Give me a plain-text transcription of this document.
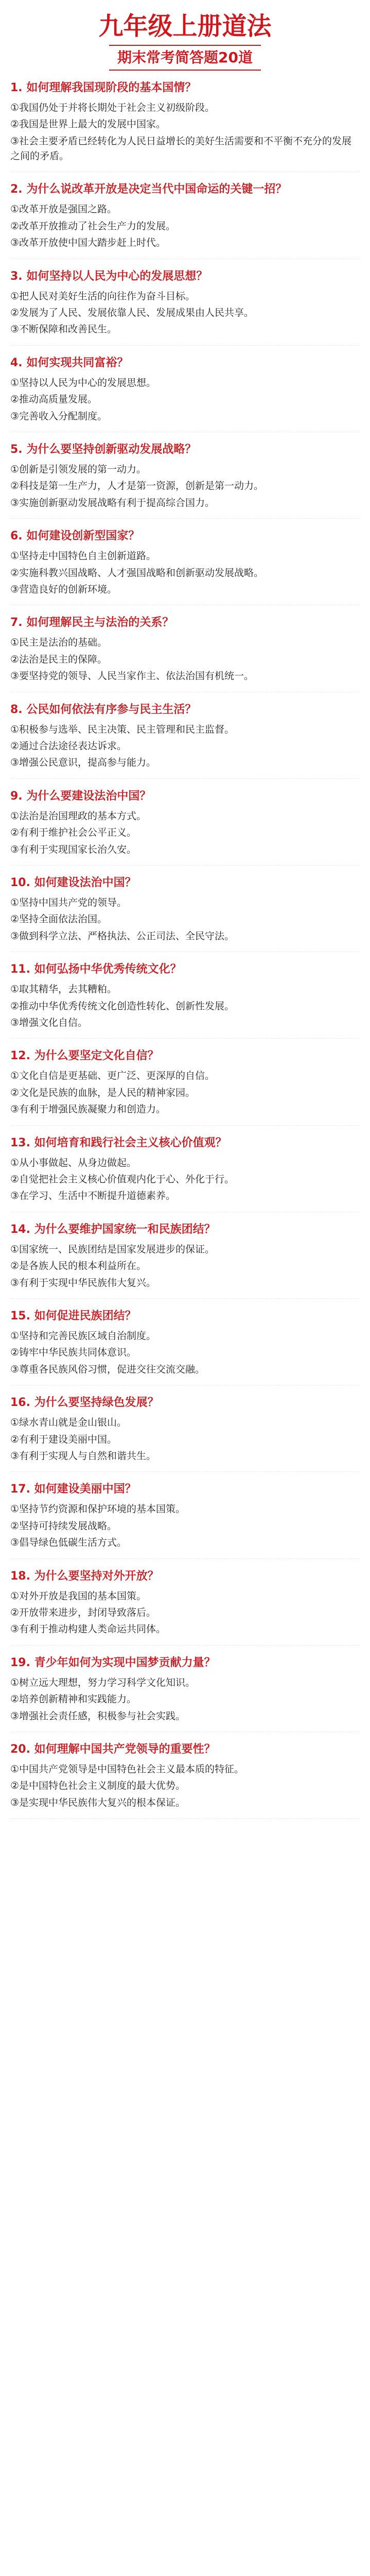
九年级上册道法
期末常考简答题20道
1. 如何理解我国现阶段的基本国情？
①我国仍处于并将长期处于社会主义初级阶段。
②我国是世界上最大的发展中国家。
③社会主要矛盾已经转化为人民日益增长的美好生活需要和不平衡不充分的发展之间的矛盾。
2. 为什么说改革开放是决定当代中国命运的关键一招？
①改革开放是强国之路。
②改革开放推动了社会生产力的发展。
③改革开放使中国大踏步赶上时代。
3. 如何坚持以人民为中心的发展思想？
①把人民对美好生活的向往作为奋斗目标。
②发展为了人民、发展依靠人民、发展成果由人民共享。
③不断保障和改善民生。
4. 如何实现共同富裕？
①坚持以人民为中心的发展思想。
②推动高质量发展。
③完善收入分配制度。
5. 为什么要坚持创新驱动发展战略？
①创新是引领发展的第一动力。
②科技是第一生产力，人才是第一资源，创新是第一动力。
③实施创新驱动发展战略有利于提高综合国力。
6. 如何建设创新型国家？
①坚持走中国特色自主创新道路。
②实施科教兴国战略、人才强国战略和创新驱动发展战略。
③营造良好的创新环境。
7. 如何理解民主与法治的关系？
①民主是法治的基础。
②法治是民主的保障。
③要坚持党的领导、人民当家作主、依法治国有机统一。
8. 公民如何依法有序参与民主生活？
①积极参与选举、民主决策、民主管理和民主监督。
②通过合法途径表达诉求。
③增强公民意识，提高参与能力。
9. 为什么要建设法治中国？
①法治是治国理政的基本方式。
②有利于维护社会公平正义。
③有利于实现国家长治久安。
10. 如何建设法治中国？
①坚持中国共产党的领导。
②坚持全面依法治国。
③做到科学立法、严格执法、公正司法、全民守法。
11. 如何弘扬中华优秀传统文化？
①取其精华，去其糟粕。
②推动中华优秀传统文化创造性转化、创新性发展。
③增强文化自信。
12. 为什么要坚定文化自信？
①文化自信是更基础、更广泛、更深厚的自信。
②文化是民族的血脉，是人民的精神家园。
③有利于增强民族凝聚力和创造力。
13. 如何培育和践行社会主义核心价值观？
①从小事做起、从身边做起。
②自觉把社会主义核心价值观内化于心、外化于行。
③在学习、生活中不断提升道德素养。
14. 为什么要维护国家统一和民族团结？
①国家统一、民族团结是国家发展进步的保证。
②是各族人民的根本利益所在。
③有利于实现中华民族伟大复兴。
15. 如何促进民族团结？
①坚持和完善民族区域自治制度。
②铸牢中华民族共同体意识。
③尊重各民族风俗习惯，促进交往交流交融。
16. 为什么要坚持绿色发展？
①绿水青山就是金山银山。
②有利于建设美丽中国。
③有利于实现人与自然和谐共生。
17. 如何建设美丽中国？
①坚持节约资源和保护环境的基本国策。
②坚持可持续发展战略。
③倡导绿色低碳生活方式。
18. 为什么要坚持对外开放？
①对外开放是我国的基本国策。
②开放带来进步，封闭导致落后。
③有利于推动构建人类命运共同体。
19. 青少年如何为实现中国梦贡献力量？
①树立远大理想，努力学习科学文化知识。
②培养创新精神和实践能力。
③增强社会责任感，积极参与社会实践。
20. 如何理解中国共产党领导的重要性？
①中国共产党领导是中国特色社会主义最本质的特征。
②是中国特色社会主义制度的最大优势。
③是实现中华民族伟大复兴的根本保证。
